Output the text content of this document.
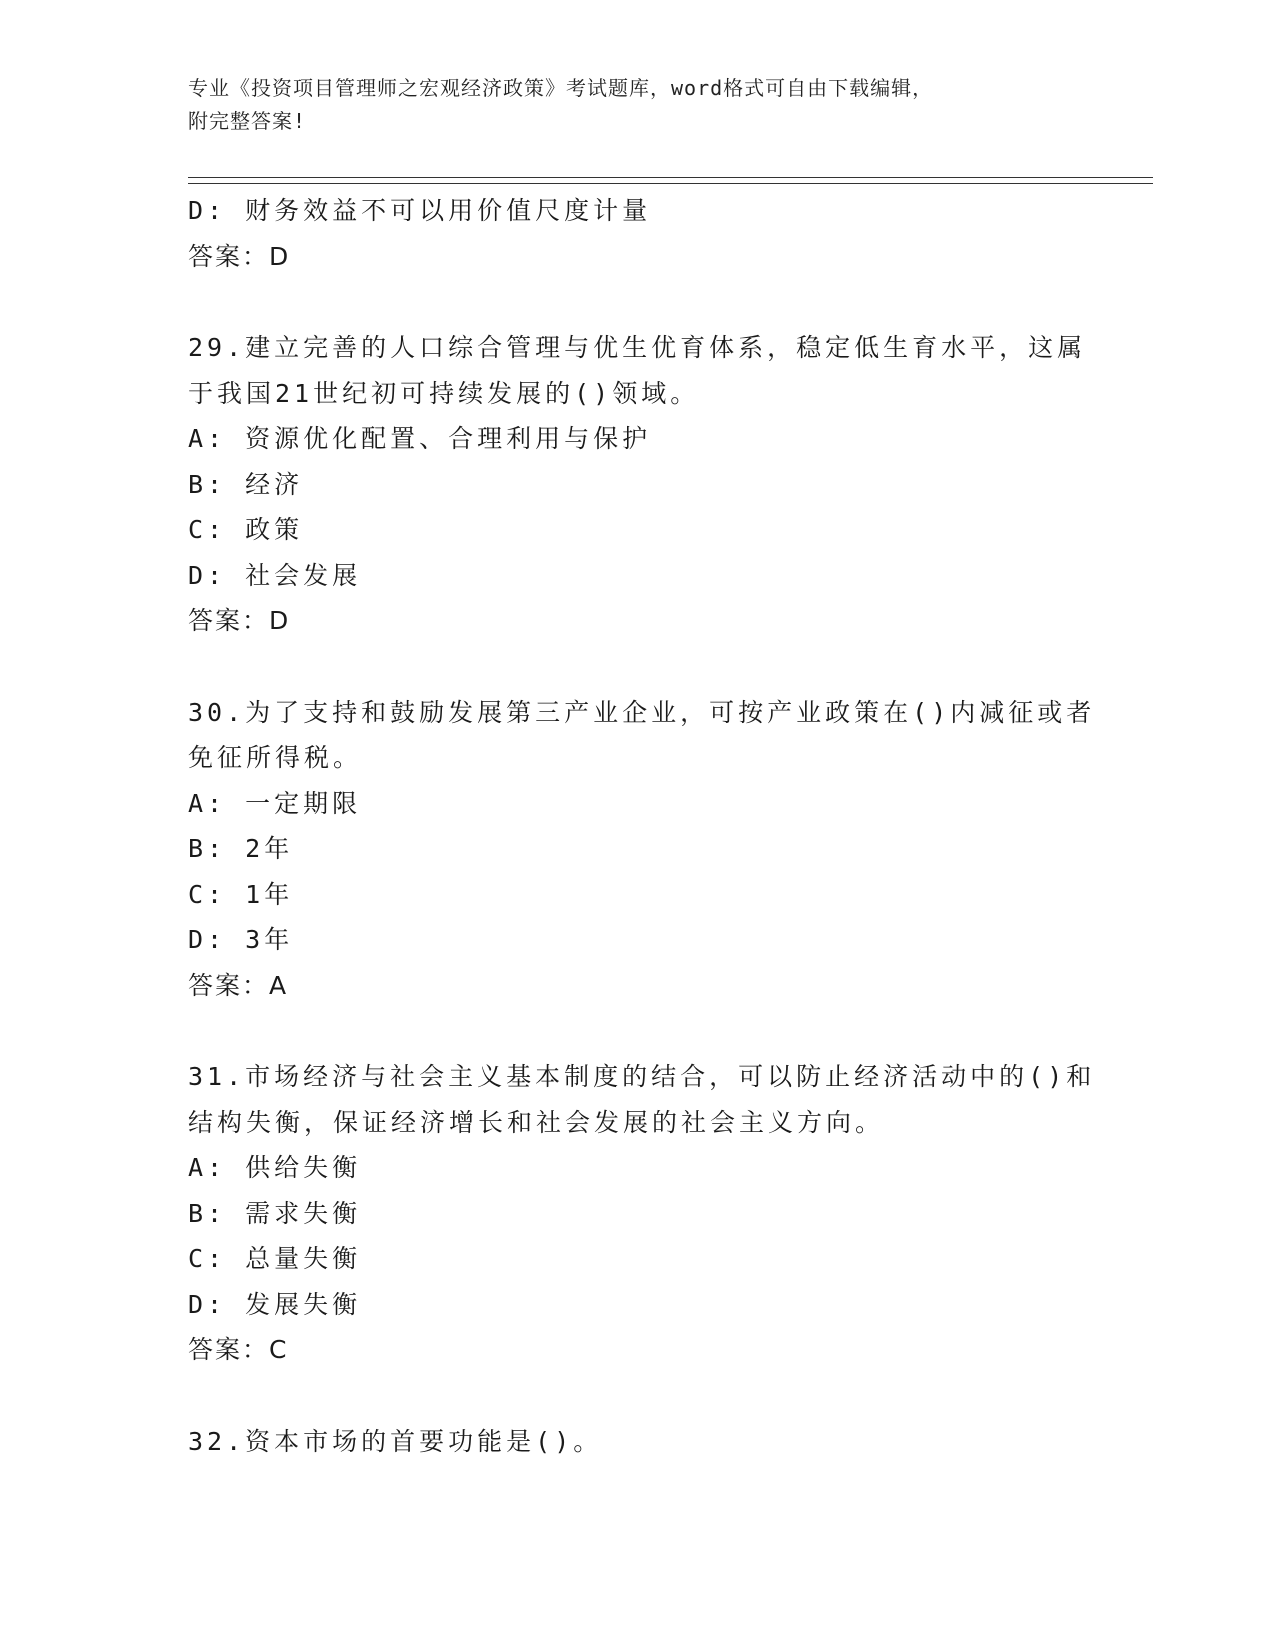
专业《投资项目管理师之宏观经济政策》考试题库，word格式可自由下载编辑，
附完整答案!
D: 财务效益不可以用价值尺度计量
答案：D
29.建立完善的人口综合管理与优生优育体系，稳定低生育水平，这属
于我国21世纪初可持续发展的()领域。
A: 资源优化配置、合理利用与保护
B: 经济
C: 政策
D: 社会发展
答案：D
30.为了支持和鼓励发展第三产业企业，可按产业政策在()内减征或者
免征所得税。
A: 一定期限
B: 2年
C: 1年
D: 3年
答案：A
31.市场经济与社会主义基本制度的结合，可以防止经济活动中的()和
结构失衡，保证经济增长和社会发展的社会主义方向。
A: 供给失衡
B: 需求失衡
C: 总量失衡
D: 发展失衡
答案：C
32.资本市场的首要功能是()。
